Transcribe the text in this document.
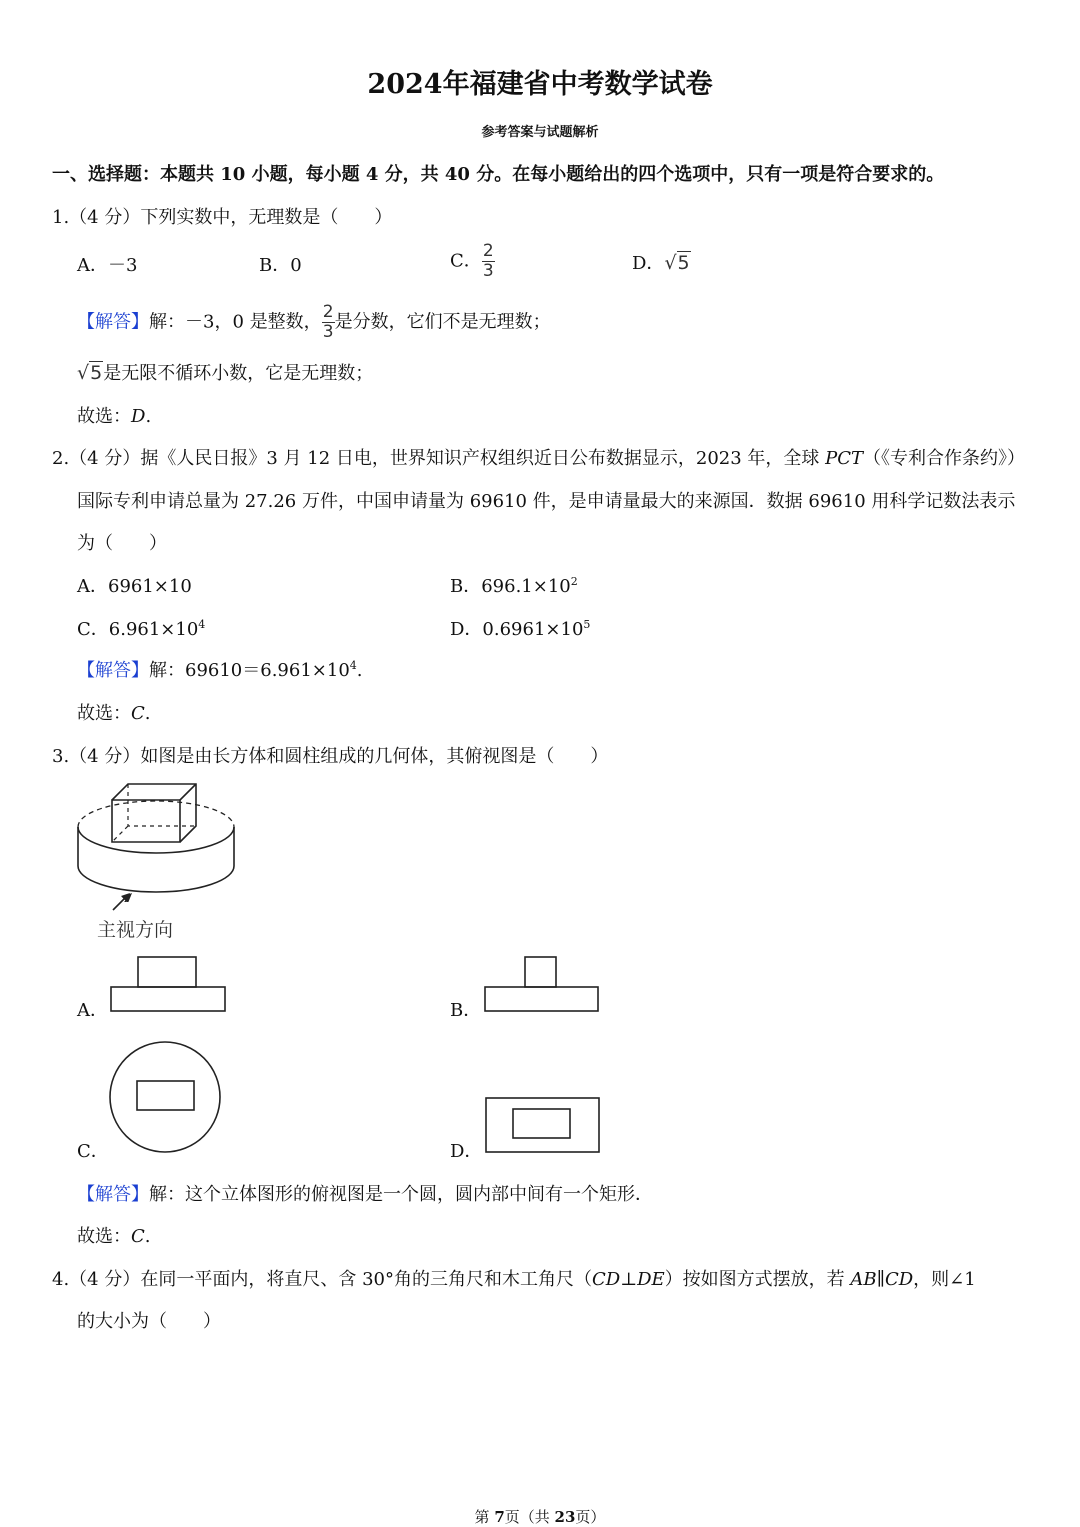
2024年福建省中考数学试卷
参考答案与试题解析
一、选择题：本题共 10 小题，每小题 4 分，共 40 分。在每小题给出的四个选项中，只有一项是符合要求的。
1.（4 分）下列实数中，无理数是（　　）
A．－3	B．0	C． $\frac{2}{3}$	D．√5
【解答】解：－3，0 是整数， $\frac{2}{3}$ 是分数，它们不是无理数；
√5是无限不循环小数，它是无理数；
故选：D.
2.（4 分）据《人民日报》3 月 12 日电，世界知识产权组织近日公布数据显示，2023 年，全球 PCT（《专利合作条约》）
国际专利申请总量为 27.26 万件，中国申请量为 69610 件，是申请量最大的来源国．数据 69610 用科学记数法表示
为（　　）
A．6961×10	B．$696.1\times 10^2$
C．$6.961\times 10^4$	D．$0.6961\times 10^5$
【解答】解：$69610=6.961\times 10^4$.
故选：C.
3.（4 分）如图是由长方体和圆柱组成的几何体，其俯视图是（　　）
主视方向
A．	B．
C．	D．
【解答】解：这个立体图形的俯视图是一个圆，圆内部中间有一个矩形．
故选：C.
4.（4 分）在同一平面内，将直尺、含 30°角的三角尺和木工角尺（CD⊥DE）按如图方式摆放，若 AB∥CD，则∠1
的大小为（　　）
第 7页（共 23页）
